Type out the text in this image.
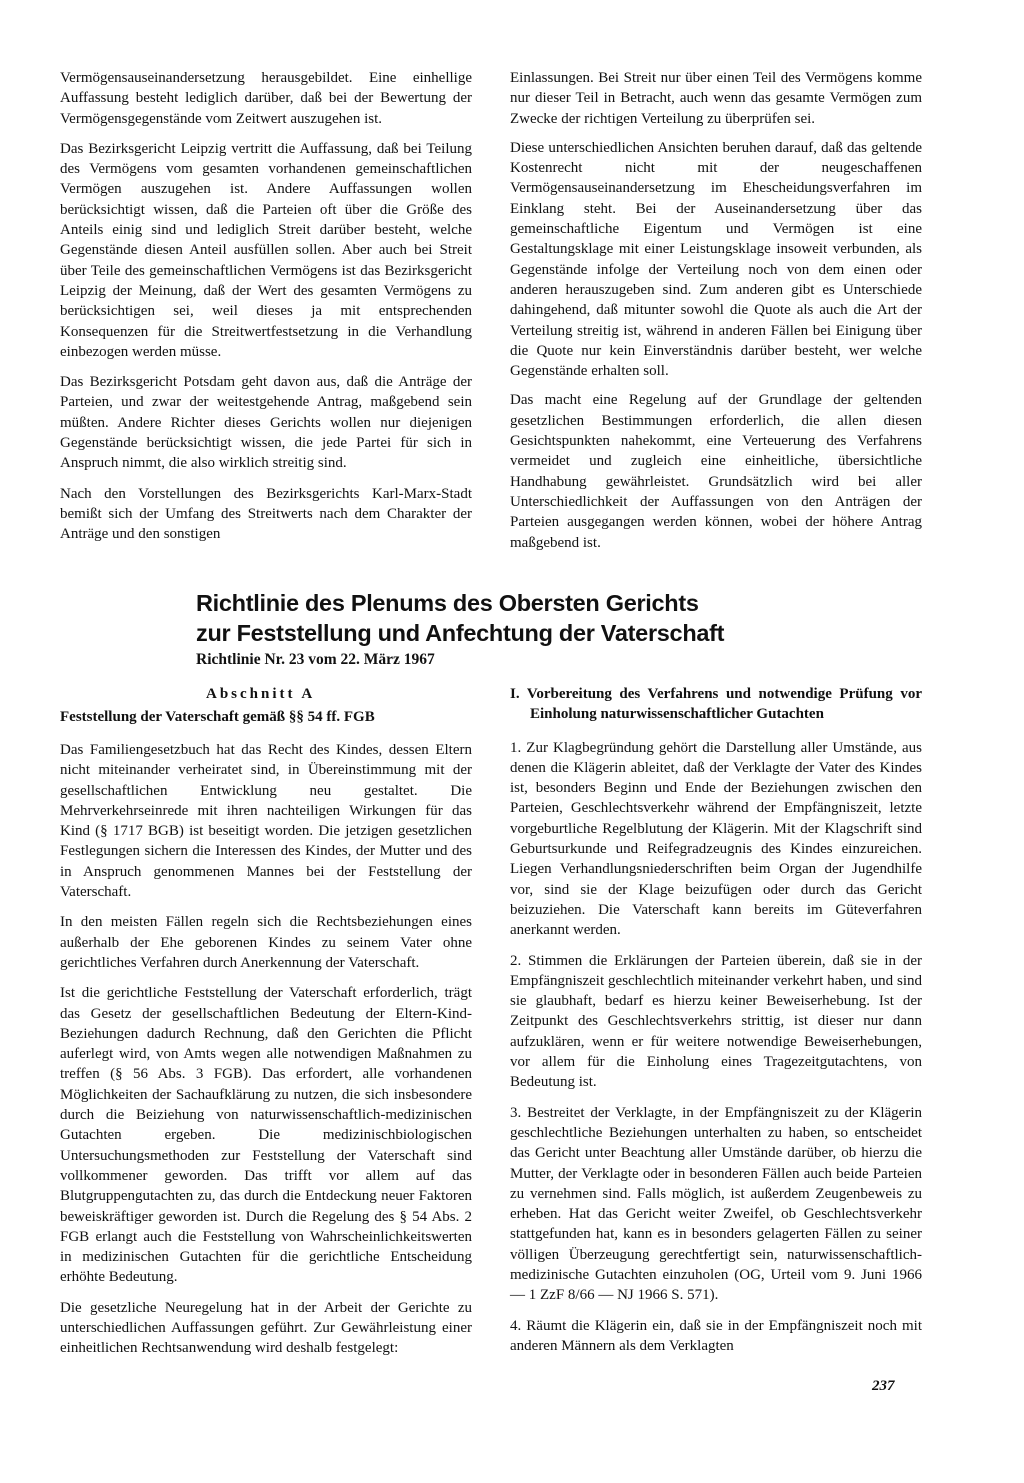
Vermögensauseinandersetzung herausgebildet. Eine einhellige Auffassung besteht lediglich darüber, daß bei der Bewertung der Vermögensgegenstände vom Zeitwert auszugehen ist.

Das Bezirksgericht Leipzig vertritt die Auffassung, daß bei Teilung des Vermögens vom gesamten vorhandenen gemeinschaftlichen Vermögen auszugehen ist. Andere Auffassungen wollen berücksichtigt wissen, daß die Parteien oft über die Größe des Anteils einig sind und lediglich Streit darüber besteht, welche Gegenstände diesen Anteil ausfüllen sollen. Aber auch bei Streit über Teile des gemeinschaftlichen Vermögens ist das Bezirksgericht Leipzig der Meinung, daß der Wert des gesamten Vermögens zu berücksichtigen sei, weil dieses ja mit entsprechenden Konsequenzen für die Streitwertfestsetzung in die Verhandlung einbezogen werden müsse.

Das Bezirksgericht Potsdam geht davon aus, daß die Anträge der Parteien, und zwar der weitestgehende Antrag, maßgebend sein müßten. Andere Richter dieses Gerichts wollen nur diejenigen Gegenstände berücksichtigt wissen, die jede Partei für sich in Anspruch nimmt, die also wirklich streitig sind.

Nach den Vorstellungen des Bezirksgerichts Karl-Marx-Stadt bemißt sich der Umfang des Streitwerts nach dem Charakter der Anträge und den sonstigen

Einlassungen. Bei Streit nur über einen Teil des Vermögens komme nur dieser Teil in Betracht, auch wenn das gesamte Vermögen zum Zwecke der richtigen Verteilung zu überprüfen sei.

Diese unterschiedlichen Ansichten beruhen darauf, daß das geltende Kostenrecht nicht mit der neugeschaffenen Vermögensauseinandersetzung im Ehescheidungsverfahren im Einklang steht. Bei der Auseinandersetzung über das gemeinschaftliche Eigentum und Vermögen ist eine Gestaltungsklage mit einer Leistungsklage insoweit verbunden, als Gegenstände infolge der Verteilung noch von dem einen oder anderen herauszugeben sind. Zum anderen gibt es Unterschiede dahingehend, daß mitunter sowohl die Quote als auch die Art der Verteilung streitig ist, während in anderen Fällen bei Einigung über die Quote nur kein Einverständnis darüber besteht, wer welche Gegenstände erhalten soll.

Das macht eine Regelung auf der Grundlage der geltenden gesetzlichen Bestimmungen erforderlich, die allen diesen Gesichtspunkten nahekommt, eine Verteuerung des Verfahrens vermeidet und zugleich eine einheitliche, übersichtliche Handhabung gewährleistet. Grundsätzlich wird bei aller Unterschiedlichkeit der Auffassungen von den Anträgen der Parteien ausgegangen werden können, wobei der höhere Antrag maßgebend ist.

Richtlinie des Plenums des Obersten Gerichts
zur Feststellung und Anfechtung der Vaterschaft
Richtlinie Nr. 23 vom 22. März 1967
Abschnitt A
Feststellung der Vaterschaft gemäß §§ 54 ff. FGB

Das Familiengesetzbuch hat das Recht des Kindes, dessen Eltern nicht miteinander verheiratet sind, in Übereinstimmung mit der gesellschaftlichen Entwicklung neu gestaltet. Die Mehrverkehrseinrede mit ihren nachteiligen Wirkungen für das Kind (§ 1717 BGB) ist beseitigt worden. Die jetzigen gesetzlichen Festlegungen sichern die Interessen des Kindes, der Mutter und des in Anspruch genommenen Mannes bei der Feststellung der Vaterschaft.

In den meisten Fällen regeln sich die Rechtsbeziehungen eines außerhalb der Ehe geborenen Kindes zu seinem Vater ohne gerichtliches Verfahren durch Anerkennung der Vaterschaft.

Ist die gerichtliche Feststellung der Vaterschaft erforderlich, trägt das Gesetz der gesellschaftlichen Bedeutung der Eltern-Kind-Beziehungen dadurch Rechnung, daß den Gerichten die Pflicht auferlegt wird, von Amts wegen alle notwendigen Maßnahmen zu treffen (§ 56 Abs. 3 FGB). Das erfordert, alle vorhandenen Möglichkeiten der Sachaufklärung zu nutzen, die sich insbesondere durch die Beiziehung von naturwissenschaftlich-medizinischen Gutachten ergeben. Die medizinischbiologischen Untersuchungsmethoden zur Feststellung der Vaterschaft sind vollkommener geworden. Das trifft vor allem auf das Blutgruppengutachten zu, das durch die Entdeckung neuer Faktoren beweiskräftiger geworden ist. Durch die Regelung des § 54 Abs. 2 FGB erlangt auch die Feststellung von Wahrscheinlichkeitswerten in medizinischen Gutachten für die gerichtliche Entscheidung erhöhte Bedeutung.

Die gesetzliche Neuregelung hat in der Arbeit der Gerichte zu unterschiedlichen Auffassungen geführt. Zur Gewährleistung einer einheitlichen Rechtsanwendung wird deshalb festgelegt:

I. Vorbereitung des Verfahrens und notwendige Prüfung vor Einholung naturwissenschaftlicher Gutachten

1. Zur Klagbegründung gehört die Darstellung aller Umstände, aus denen die Klägerin ableitet, daß der Verklagte der Vater des Kindes ist, besonders Beginn und Ende der Beziehungen zwischen den Parteien, Geschlechtsverkehr während der Empfängniszeit, letzte vorgeburtliche Regelblutung der Klägerin. Mit der Klagschrift sind Geburtsurkunde und Reifegradzeugnis des Kindes einzureichen. Liegen Verhandlungsniederschriften beim Organ der Jugendhilfe vor, sind sie der Klage beizufügen oder durch das Gericht beizuziehen. Die Vaterschaft kann bereits im Güteverfahren anerkannt werden.

2. Stimmen die Erklärungen der Parteien überein, daß sie in der Empfängniszeit geschlechtlich miteinander verkehrt haben, und sind sie glaubhaft, bedarf es hierzu keiner Beweiserhebung. Ist der Zeitpunkt des Geschlechtsverkehrs strittig, ist dieser nur dann aufzuklären, wenn er für weitere notwendige Beweiserhebungen, vor allem für die Einholung eines Tragezeitgutachtens, von Bedeutung ist.

3. Bestreitet der Verklagte, in der Empfängniszeit zu der Klägerin geschlechtliche Beziehungen unterhalten zu haben, so entscheidet das Gericht unter Beachtung aller Umstände darüber, ob hierzu die Mutter, der Verklagte oder in besonderen Fällen auch beide Parteien zu vernehmen sind. Falls möglich, ist außerdem Zeugenbeweis zu erheben. Hat das Gericht weiter Zweifel, ob Geschlechtsverkehr stattgefunden hat, kann es in besonders gelagerten Fällen zu seiner völligen Überzeugung gerechtfertigt sein, naturwissenschaftlich-medizinische Gutachten einzuholen (OG, Urteil vom 9. Juni 1966 — 1 ZzF 8/66 — NJ 1966 S. 571).

4. Räumt die Klägerin ein, daß sie in der Empfängniszeit noch mit anderen Männern als dem Verklagten

237
